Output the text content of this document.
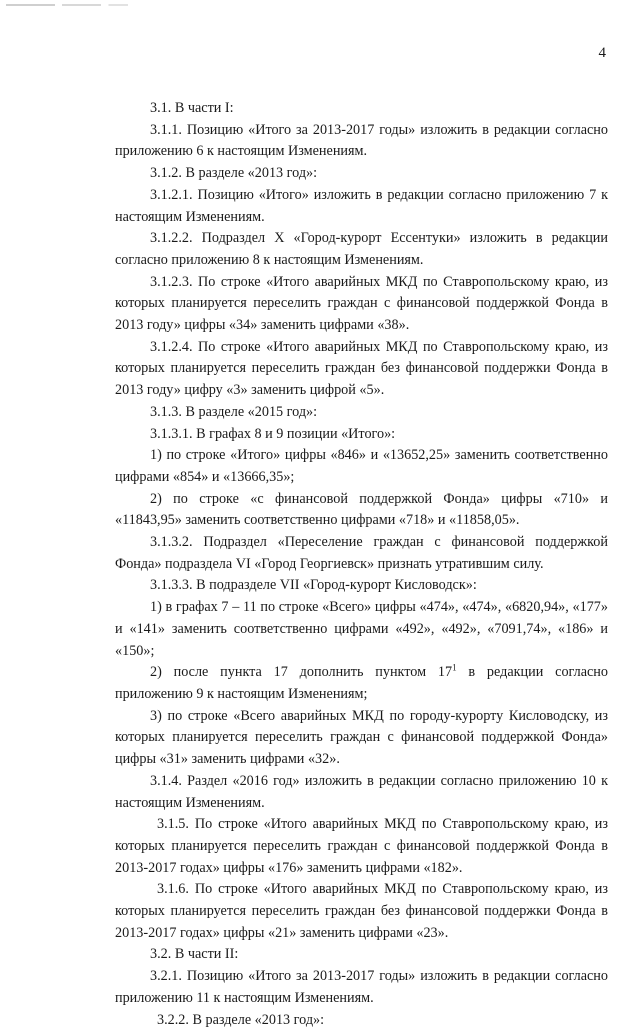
4

3.1. В части I:

3.1.1. Позицию «Итого за 2013-2017 годы» изложить в редакции согласно приложению 6 к настоящим Изменениям.

3.1.2. В разделе «2013 год»:

3.1.2.1. Позицию «Итого» изложить в редакции согласно приложению 7 к настоящим Изменениям.

3.1.2.2. Подраздел X «Город-курорт Ессентуки» изложить в редакции согласно приложению 8 к настоящим Изменениям.

3.1.2.3. По строке «Итого аварийных МКД по Ставропольскому краю, из которых планируется переселить граждан с финансовой поддержкой Фонда в 2013 году» цифры «34» заменить цифрами «38».

3.1.2.4. По строке «Итого аварийных МКД по Ставропольскому краю, из которых планируется переселить граждан без финансовой поддержки Фонда в 2013 году» цифру «3» заменить цифрой «5».

3.1.3. В разделе «2015 год»:

3.1.3.1. В графах 8 и 9 позиции «Итого»:

1) по строке «Итого» цифры «846» и «13652,25» заменить соответственно цифрами «854» и «13666,35»;

2) по строке «с финансовой поддержкой Фонда» цифры «710» и «11843,95» заменить соответственно цифрами «718» и «11858,05».

3.1.3.2. Подраздел «Переселение граждан с финансовой поддержкой Фонда» подраздела VI «Город Георгиевск» признать утратившим силу.

3.1.3.3. В подразделе VII «Город-курорт Кисловодск»:

1) в графах 7 – 11 по строке «Всего» цифры «474», «474», «6820,94», «177» и «141» заменить соответственно цифрами «492», «492», «7091,74», «186» и «150»;

2) после пункта 17 дополнить пунктом $17^1$ в редакции согласно приложению 9 к настоящим Изменениям;

3) по строке «Всего аварийных МКД по городу-курорту Кисловодску, из которых планируется переселить граждан с финансовой поддержкой Фонда» цифры «31» заменить цифрами «32».

3.1.4. Раздел «2016 год» изложить в редакции согласно приложению 10 к настоящим Изменениям.

3.1.5. По строке «Итого аварийных МКД по Ставропольскому краю, из которых планируется переселить граждан с финансовой поддержкой Фонда в 2013-2017 годах» цифры «176» заменить цифрами «182».

3.1.6. По строке «Итого аварийных МКД по Ставропольскому краю, из которых планируется переселить граждан без финансовой поддержки Фонда в 2013-2017 годах» цифры «21» заменить цифрами «23».

3.2. В части II:

3.2.1. Позицию «Итого за 2013-2017 годы» изложить в редакции согласно приложению 11 к настоящим Изменениям.

3.2.2. В разделе «2013 год»:
